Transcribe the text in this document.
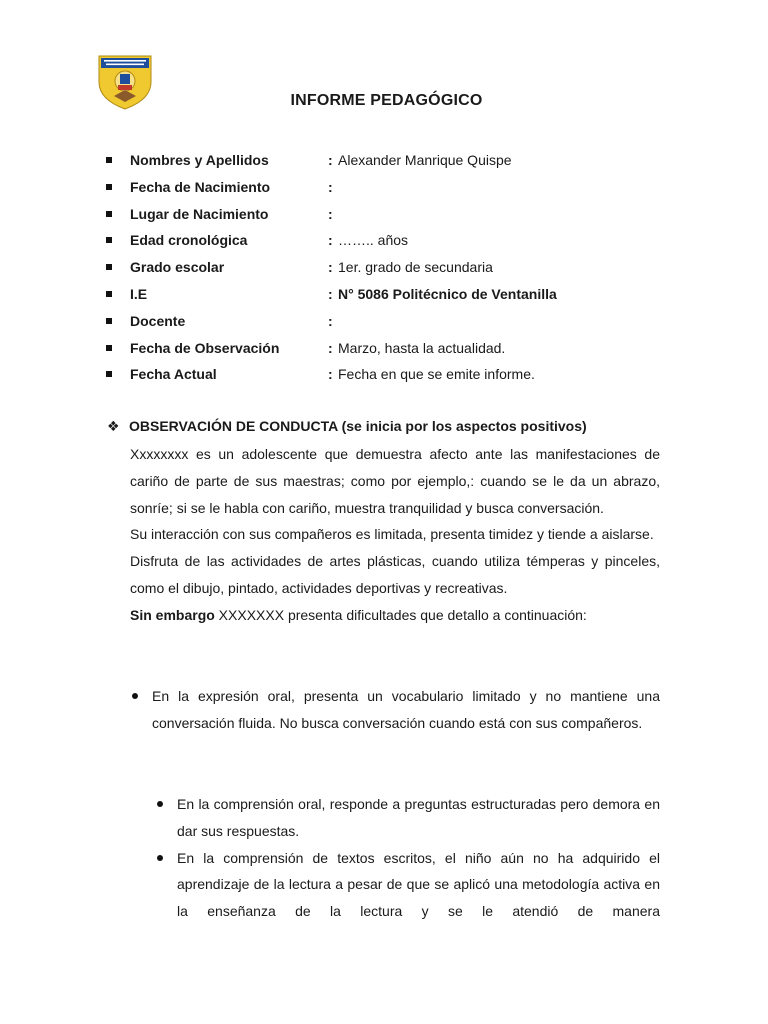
INFORME PEDAGÓGICO
Nombres y Apellidos	: Alexander Manrique Quispe
Fecha de Nacimiento	:
Lugar de Nacimiento	:
Edad cronológica	: …….. años
Grado escolar	: 1er. grado de secundaria
I.E	: N° 5086 Politécnico de Ventanilla
Docente	:
Fecha de Observación	: Marzo, hasta la actualidad.
Fecha Actual	: Fecha en que se emite informe.
❖ OBSERVACIÓN DE CONDUCTA (se inicia por los aspectos positivos)

Xxxxxxxx es un adolescente que demuestra afecto ante las manifestaciones de cariño de parte de sus maestras; como por ejemplo,: cuando se le da un abrazo, sonríe; si se le habla con cariño, muestra tranquilidad y busca conversación.

Su interacción con sus compañeros es limitada, presenta timidez y tiende a aislarse.

Disfruta de las actividades de artes plásticas, cuando utiliza témperas y pinceles, como el dibujo, pintado, actividades deportivas y recreativas.

Sin embargo XXXXXXX presenta dificultades que detallo a continuación:

En la expresión oral, presenta un vocabulario limitado y no mantiene una conversación fluida. No busca conversación cuando está con sus compañeros.
En la comprensión oral, responde a preguntas estructuradas pero demora en dar sus respuestas.
En la comprensión de textos escritos, el niño aún no ha adquirido el aprendizaje de la lectura a pesar de que se aplicó una metodología activa en la enseñanza de la lectura y se le atendió de manera
